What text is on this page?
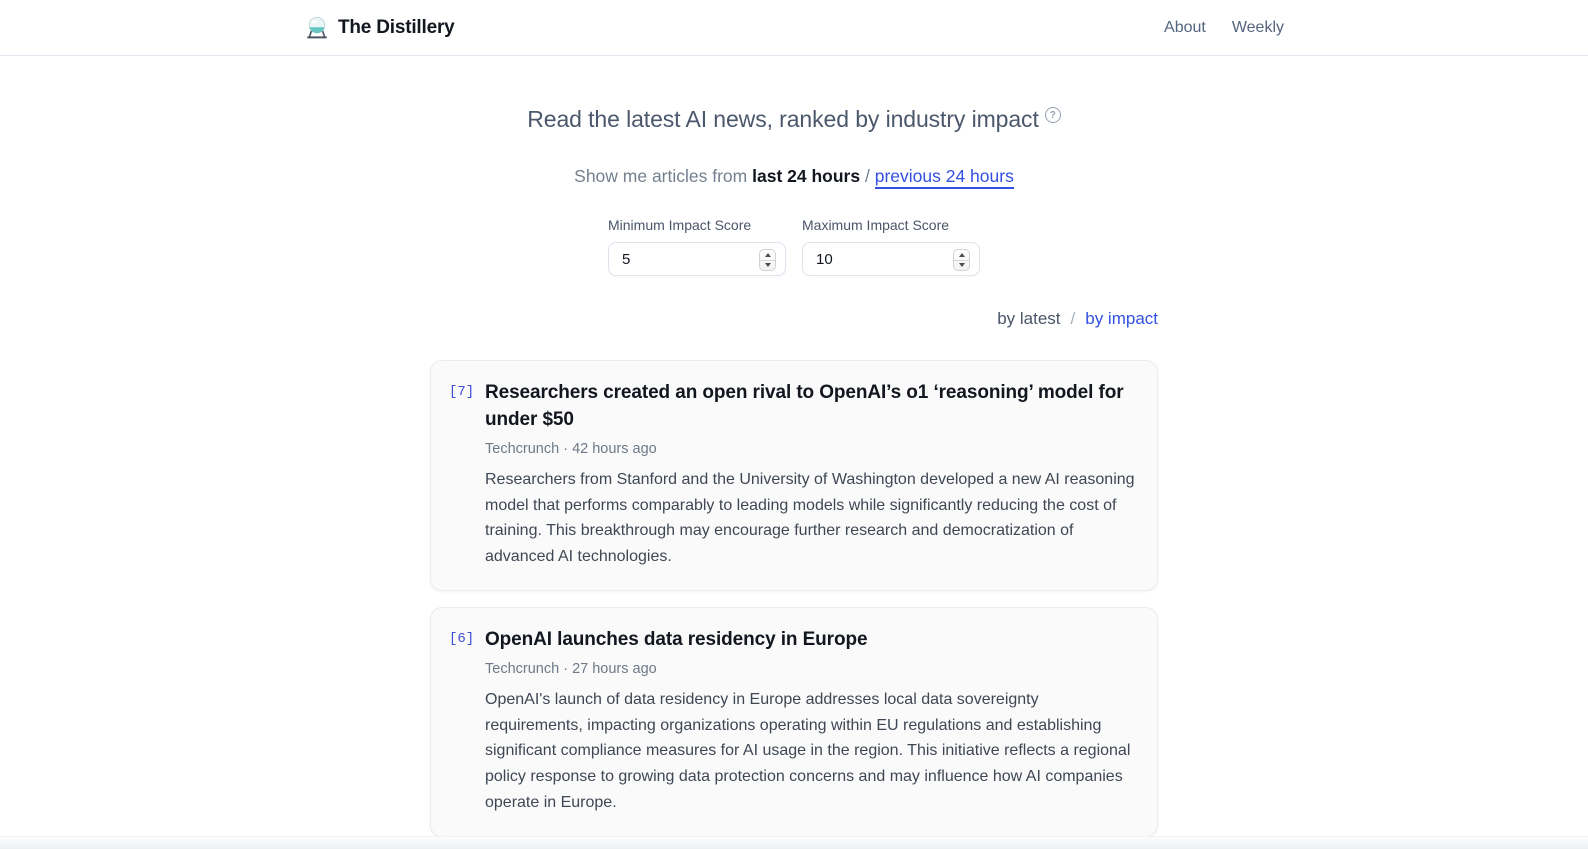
The Distillery	About Weekly
Read the latest AI news, ranked by industry impact	?
Show me articles from last 24 hours / previous 24 hours
Minimum Impact Score
5	Maximum Impact Score
10
by latest / by impact
[7] Researchers created an open rival to OpenAI’s o1 ‘reasoning’ model for under $50
Techcrunch · 42 hours ago

Researchers from Stanford and the University of Washington developed a new AI reasoning model that performs comparably to leading models while significantly reducing the cost of training. This breakthrough may encourage further research and democratization of advanced AI technologies.

[6] OpenAI launches data residency in Europe
Techcrunch · 27 hours ago

OpenAI's launch of data residency in Europe addresses local data sovereignty requirements, impacting organizations operating within EU regulations and establishing significant compliance measures for AI usage in the region. This initiative reflects a regional policy response to growing data protection concerns and may influence how AI companies operate in Europe.
